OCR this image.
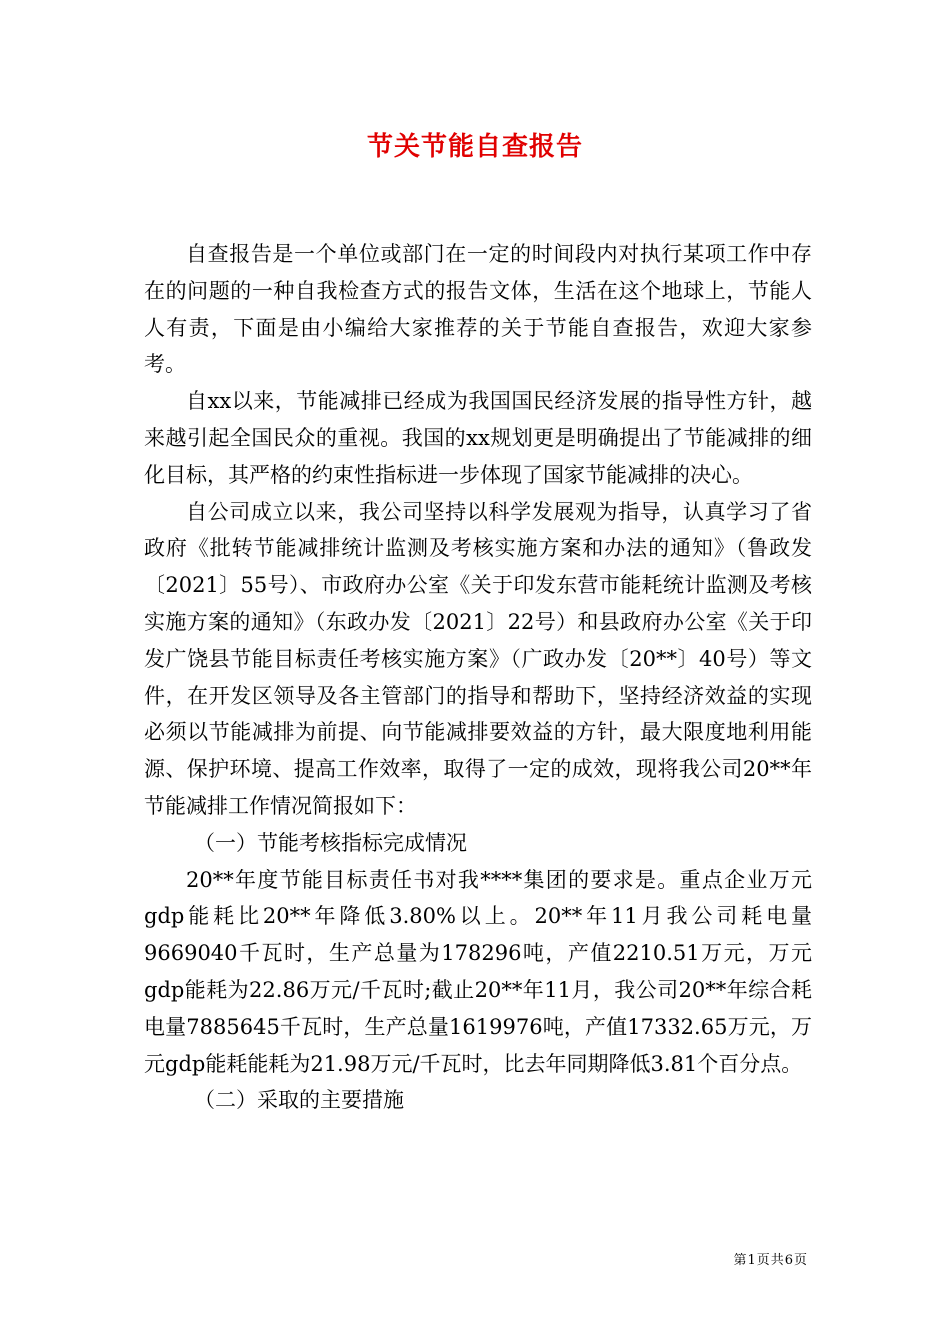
节关节能自查报告

自查报告是一个单位或部门在一定的时间段内对执行某项工作中存在的问题的一种自我检查方式的报告文体，生活在这个地球上，节能人人有责，下面是由小编给大家推荐的关于节能自查报告，欢迎大家参考。

自xx以来，节能减排已经成为我国国民经济发展的指导性方针，越来越引起全国民众的重视。我国的xx规划更是明确提出了节能减排的细化目标，其严格的约束性指标进一步体现了国家节能减排的决心。

自公司成立以来，我公司坚持以科学发展观为指导，认真学习了省政府《批转节能减排统计监测及考核实施方案和办法的通知》（鲁政发〔2021〕55号）、市政府办公室《关于印发东营市能耗统计监测及考核实施方案的通知》（东政办发〔2021〕22号）和县政府办公室《关于印发广饶县节能目标责任考核实施方案》（广政办发〔20**〕40号）等文件，在开发区领导及各主管部门的指导和帮助下，坚持经济效益的实现必须以节能减排为前提、向节能减排要效益的方针，最大限度地利用能源、保护环境、提高工作效率，取得了一定的成效，现将我公司20**年节能减排工作情况简报如下：

（一）节能考核指标完成情况

20**年度节能目标责任书对我****集团的要求是。重点企业万元gdp能耗比20**年降低3.80%以上。20**年11月我公司耗电量9669040千瓦时，生产总量为178296吨，产值2210.51万元，万元gdp能耗为22.86万元/千瓦时;截止20**年11月，我公司20**年综合耗电量7885645千瓦时，生产总量1619976吨，产值17332.65万元，万元gdp能耗能耗为21.98万元/千瓦时，比去年同期降低3.81个百分点。

（二）采取的主要措施

第1页共6页
